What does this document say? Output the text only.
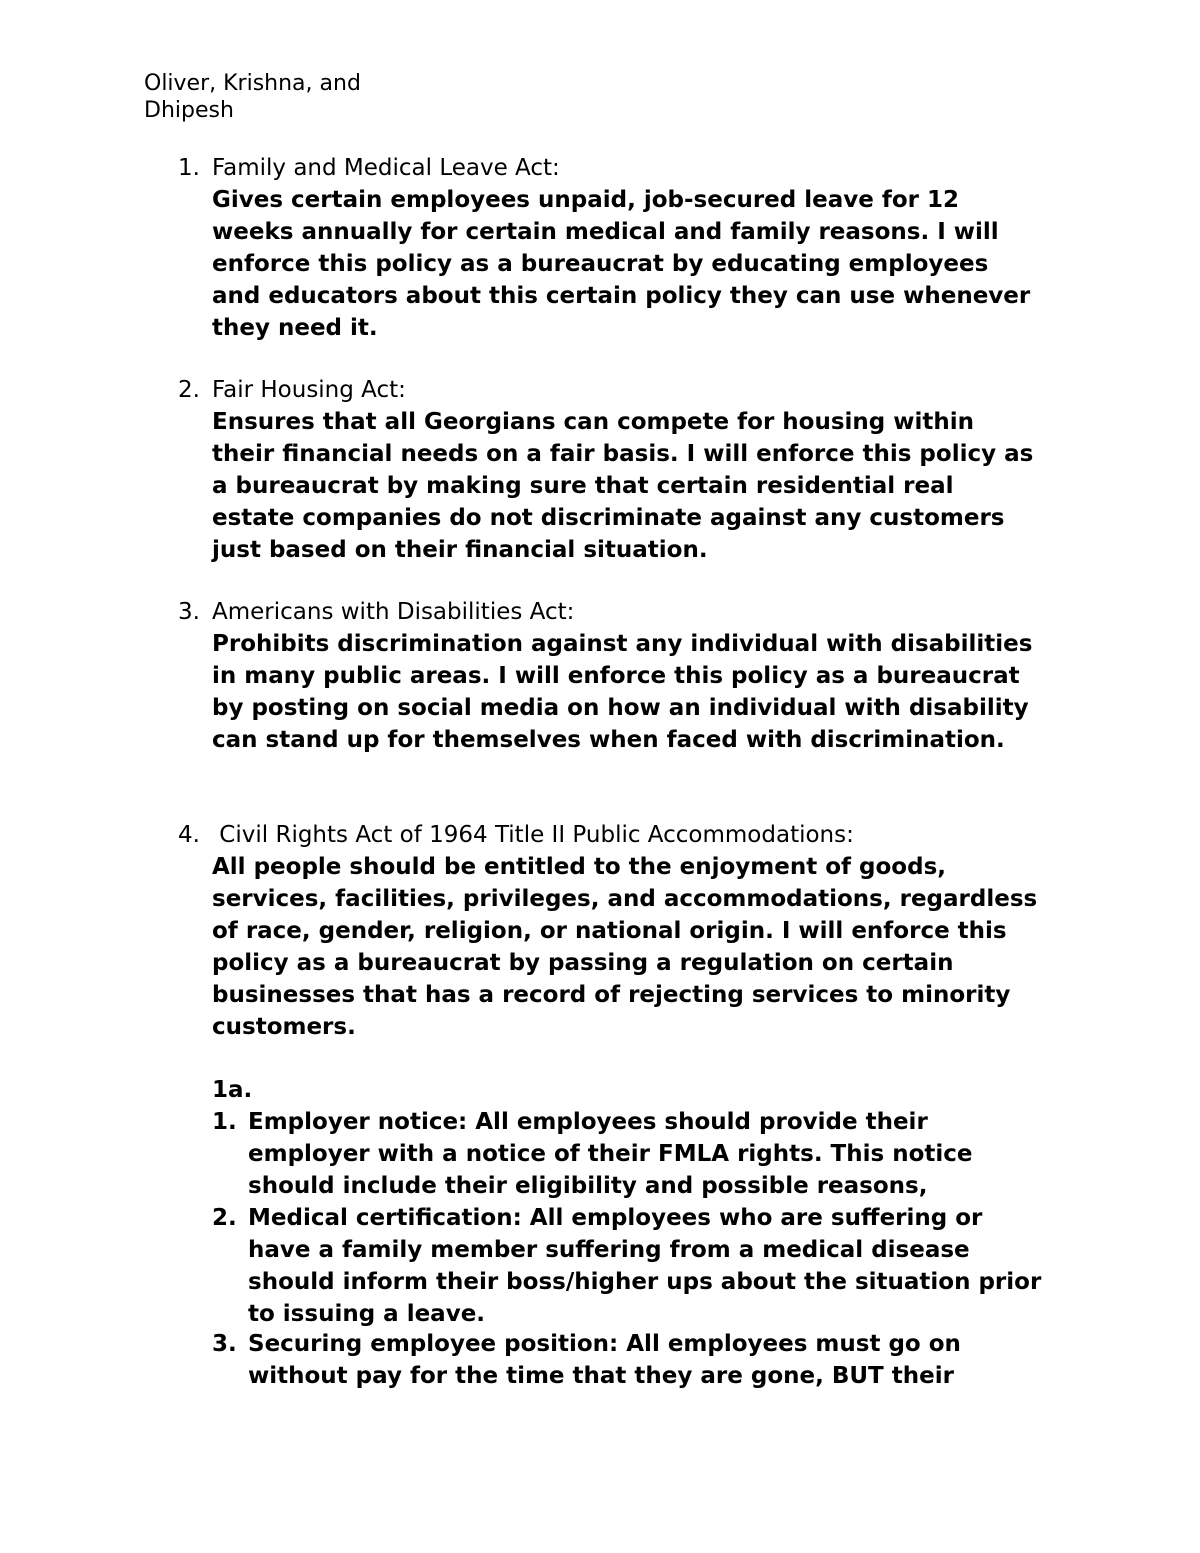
Oliver, Krishna, and
Dhipesh
1. Family and Medical Leave Act:
Gives certain employees unpaid, job-secured leave for 12
weeks annually for certain medical and family reasons. I will
enforce this policy as a bureaucrat by educating employees
and educators about this certain policy they can use whenever
they need it.
2. Fair Housing Act:
Ensures that all Georgians can compete for housing within
their financial needs on a fair basis. I will enforce this policy as
a bureaucrat by making sure that certain residential real
estate companies do not discriminate against any customers
just based on their financial situation.
3. Americans with Disabilities Act:
Prohibits discrimination against any individual with disabilities
in many public areas. I will enforce this policy as a bureaucrat
by posting on social media on how an individual with disability
can stand up for themselves when faced with discrimination.
4. Civil Rights Act of 1964 Title II Public Accommodations:
All people should be entitled to the enjoyment of goods,
services, facilities, privileges, and accommodations, regardless
of race, gender, religion, or national origin. I will enforce this
policy as a bureaucrat by passing a regulation on certain
businesses that has a record of rejecting services to minority
customers.
1a.
1. Employer notice: All employees should provide their
employer with a notice of their FMLA rights. This notice
should include their eligibility and possible reasons,
2. Medical certification: All employees who are suffering or
have a family member suffering from a medical disease
should inform their boss/higher ups about the situation prior
to issuing a leave.
3. Securing employee position: All employees must go on
without pay for the time that they are gone, BUT their
